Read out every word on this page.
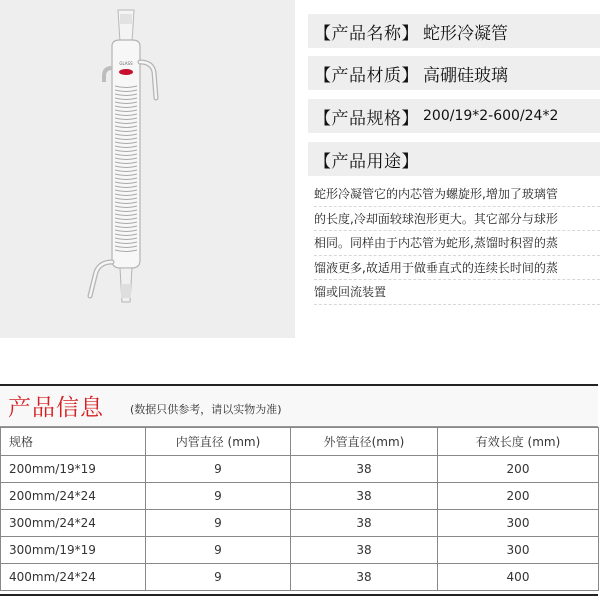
GLASS
【产品名称】 蛇形冷凝管
【产品材质】 高硼硅玻璃
【产品规格】 200/19*2-600/24*2
【产品用途】
蛇形冷凝管它的内芯管为螺旋形,增加了玻璃管
的长度,冷却面较球泡形更大。其它部分与球形
相同。同样由于内芯管为蛇形,蒸馏时积習的蒸
馏液更多,故适用于做垂直式的连续长时间的蒸
馏或回流装置
产品信息 (数据只供参考，请以实物为准)
规格	内管直径 (mm)	外管直径(mm)	有效长度 (mm)
200mm/19*19	9	38	200
200mm/24*24	9	38	200
300mm/24*24	9	38	300
300mm/19*19	9	38	300
400mm/24*24	9	38	400
